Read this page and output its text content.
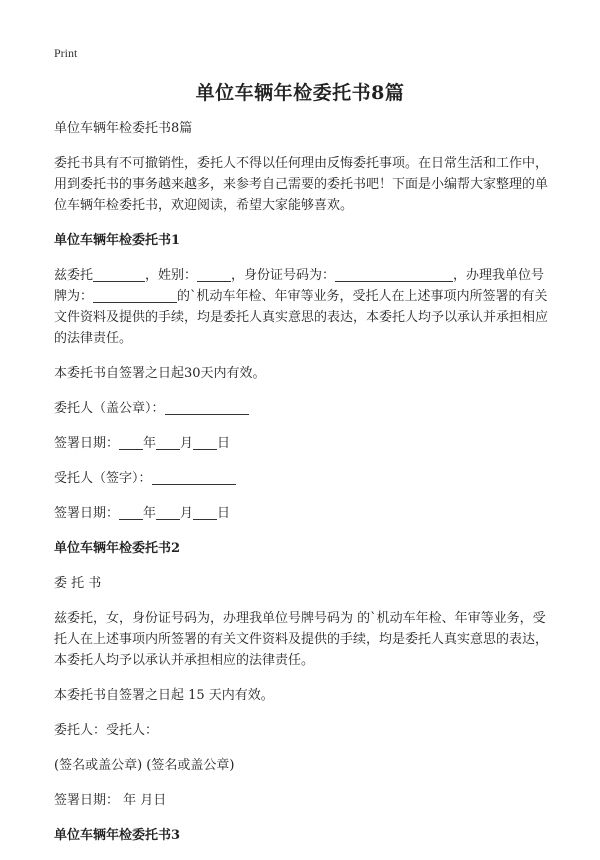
Print
单位车辆年检委托书8篇

单位车辆年检委托书8篇

委托书具有不可撤销性，委托人不得以任何理由反悔委托事项。在日常生活和工作中，用到委托书的事务越来越多，来参考自己需要的委托书吧！下面是小编帮大家整理的单位车辆年检委托书，欢迎阅读，希望大家能够喜欢。

单位车辆年检委托书1

兹委托	，姓别：	，身份证号码为：	，办理我单位号牌为：	的`机动车年检、年审等业务，受托人在上述事项内所签署的有关文件资料及提供的手续，均是委托人真实意思的表达，本委托人均予以承认并承担相应的法律责任。

本委托书自签署之日起30天内有效。

委托人（盖公章）：

签署日期： 年 月 日

受托人（签字）：

签署日期： 年 月 日

单位车辆年检委托书2

委 托 书

兹委托，女，身份证号码为，办理我单位号牌号码为 的`机动车年检、年审等业务，受托人在上述事项内所签署的有关文件资料及提供的手续，均是委托人真实意思的表达，本委托人均予以承认并承担相应的法律责任。

本委托书自签署之日起 15 天内有效。

委托人：受托人：

(签名或盖公章) (签名或盖公章)

签署日期： 年 月日

单位车辆年检委托书3
